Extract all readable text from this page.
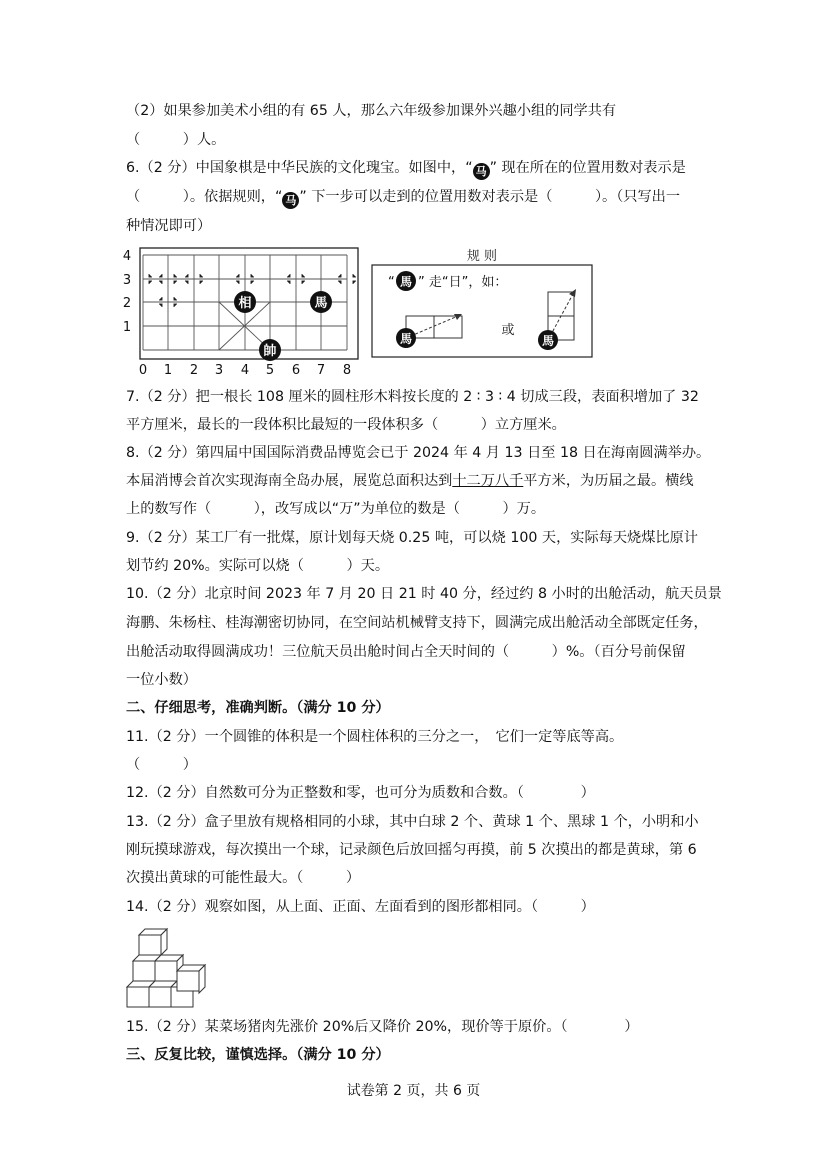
（2）如果参加美术小组的有 65 人，那么六年级参加课外兴趣小组的同学共有
（　　　）人。
6.（2 分）中国象棋是中华民族的文化瑰宝。如图中，“ 马 ” 现在所在的位置用数对表示是
（　　　）。依据规则，“ 马 ” 下一步可以走到的位置用数对表示是（　　　）。（只写出一
种情况即可）
相	馬
帥
4
3
2
1
0 1 2 3 4 5 6 7 8
规 则
“ 馬 ” 走“日”，如：
馬
或
馬
7.（2 分）把一根长 108 厘米的圆柱形木料按长度的 2 ∶ 3 ∶ 4 切成三段，表面积增加了 32
平方厘米，最长的一段体积比最短的一段体积多（　　　）立方厘米。
8.（2 分）第四届中国国际消费品博览会已于 2024 年 4 月 13 日至 18 日在海南圆满举办。
本届消博会首次实现海南全岛办展，展览总面积达到十二万八千平方米，为历届之最。横线
上的数写作（　　　），改写成以“万”为单位的数是（　　　）万。
9.（2 分）某工厂有一批煤，原计划每天烧 0.25 吨，可以烧 100 天，实际每天烧煤比原计
划节约 20%。实际可以烧（　　　）天。
10.（2 分）北京时间 2023 年 7 月 20 日 21 时 40 分，经过约 8 小时的出舱活动，航天员景
海鹏、朱杨柱、桂海潮密切协同，在空间站机械臂支持下，圆满完成出舱活动全部既定任务，
出舱活动取得圆满成功！三位航天员出舱时间占全天时间的（　　　）%。（百分号前保留
一位小数）
二、仔细思考，准确判断。（满分 10 分）
11.（2 分）一个圆锥的体积是一个圆柱体积的三分之一，　它们一定等底等高。
（　　　）
12.（2 分）自然数可分为正整数和零，也可分为质数和合数。（　　　　）
13.（2 分）盒子里放有规格相同的小球，其中白球 2 个、黄球 1 个、黑球 1 个，小明和小
刚玩摸球游戏，每次摸出一个球，记录颜色后放回摇匀再摸，前 5 次摸出的都是黄球，第 6
次摸出黄球的可能性最大。（　　　）
14.（2 分）观察如图，从上面、正面、左面看到的图形都相同。（　　　）
15.（2 分）某菜场猪肉先涨价 20%后又降价 20%，现价等于原价。（　　　　）
三、反复比较，谨慎选择。（满分 10 分）
试卷第 2 页，共 6 页
